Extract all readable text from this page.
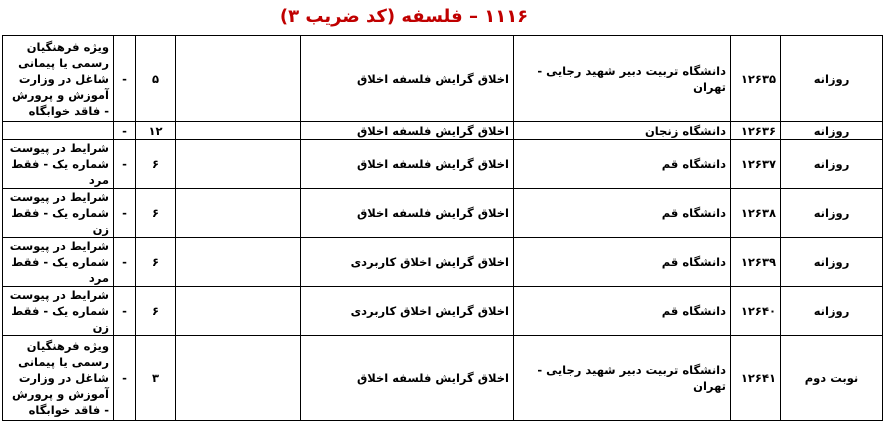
۱۱۱۶ – فلسفه (کد ضریب ۳)
روزانه	۱۲۶۳۵	دانشگاه تربیت دبیر شهید رجایی - تهران	اخلاق گرایش فلسفه اخلاق		۵	-	ویژه فرهنگیان رسمی یا پیمانی شاغل در وزارت آموزش و پرورش - فاقد خوابگاه
روزانه	۱۲۶۳۶	دانشگاه زنجان	اخلاق گرایش فلسفه اخلاق		۱۲	-	
روزانه	۱۲۶۳۷	دانشگاه قم	اخلاق گرایش فلسفه اخلاق		۶	-	شرایط در پیوست شماره یک - فقط مرد
روزانه	۱۲۶۳۸	دانشگاه قم	اخلاق گرایش فلسفه اخلاق		۶	-	شرایط در پیوست شماره یک - فقط زن
روزانه	۱۲۶۳۹	دانشگاه قم	اخلاق گرایش اخلاق کاربردی		۶	-	شرایط در پیوست شماره یک - فقط مرد
روزانه	۱۲۶۴۰	دانشگاه قم	اخلاق گرایش اخلاق کاربردی		۶	-	شرایط در پیوست شماره یک - فقط زن
نوبت دوم	۱۲۶۴۱	دانشگاه تربیت دبیر شهید رجایی - تهران	اخلاق گرایش فلسفه اخلاق		۳	-	ویژه فرهنگیان رسمی یا پیمانی شاغل در وزارت آموزش و پرورش - فاقد خوابگاه
